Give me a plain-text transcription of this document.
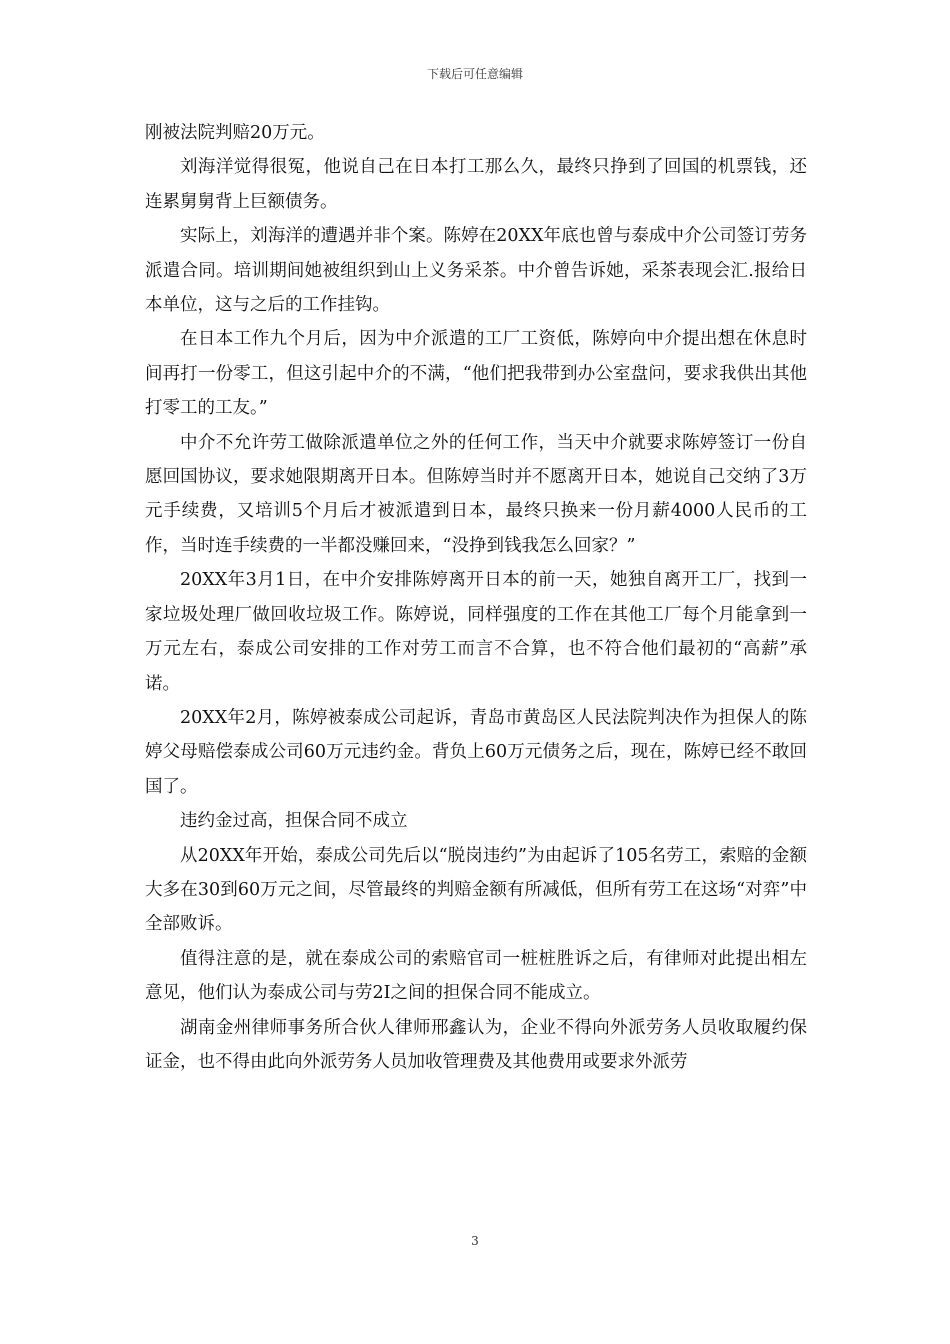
下载后可任意编辑

刚被法院判赔20万元。

刘海洋觉得很冤，他说自己在日本打工那么久，最终只挣到了回国的机票钱，还连累舅舅背上巨额债务。

实际上，刘海洋的遭遇并非个案。陈婷在20XX年底也曾与泰成中介公司签订劳务派遣合同。培训期间她被组织到山上义务采茶。中介曾告诉她，采茶表现会汇.报给日本单位，这与之后的工作挂钩。

在日本工作九个月后，因为中介派遣的工厂工资低，陈婷向中介提出想在休息时间再打一份零工，但这引起中介的不满，“他们把我带到办公室盘问，要求我供出其他打零工的工友。”

中介不允许劳工做除派遣单位之外的任何工作，当天中介就要求陈婷签订一份自愿回国协议，要求她限期离开日本。但陈婷当时并不愿离开日本，她说自己交纳了3万元手续费，又培训5个月后才被派遣到日本，最终只换来一份月薪4000人民币的工作，当时连手续费的一半都没赚回来，“没挣到钱我怎么回家？”

20XX年3月1日，在中介安排陈婷离开日本的前一天，她独自离开工厂，找到一家垃圾处理厂做回收垃圾工作。陈婷说，同样强度的工作在其他工厂每个月能拿到一万元左右，泰成公司安排的工作对劳工而言不合算，也不符合他们最初的“高薪”承诺。

20XX年2月，陈婷被泰成公司起诉，青岛市黄岛区人民法院判决作为担保人的陈婷父母赔偿泰成公司60万元违约金。背负上60万元债务之后，现在，陈婷已经不敢回国了。

违约金过高，担保合同不成立

从20XX年开始，泰成公司先后以“脱岗违约”为由起诉了105名劳工，索赔的金额大多在30到60万元之间，尽管最终的判赔金额有所减低，但所有劳工在这场“对弈”中全部败诉。

值得注意的是，就在泰成公司的索赔官司一桩桩胜诉之后，有律师对此提出相左意见，他们认为泰成公司与劳2I之间的担保合同不能成立。

湖南金州律师事务所合伙人律师邢鑫认为，企业不得向外派劳务人员收取履约保证金，也不得由此向外派劳务人员加收管理费及其他费用或要求外派劳

3
